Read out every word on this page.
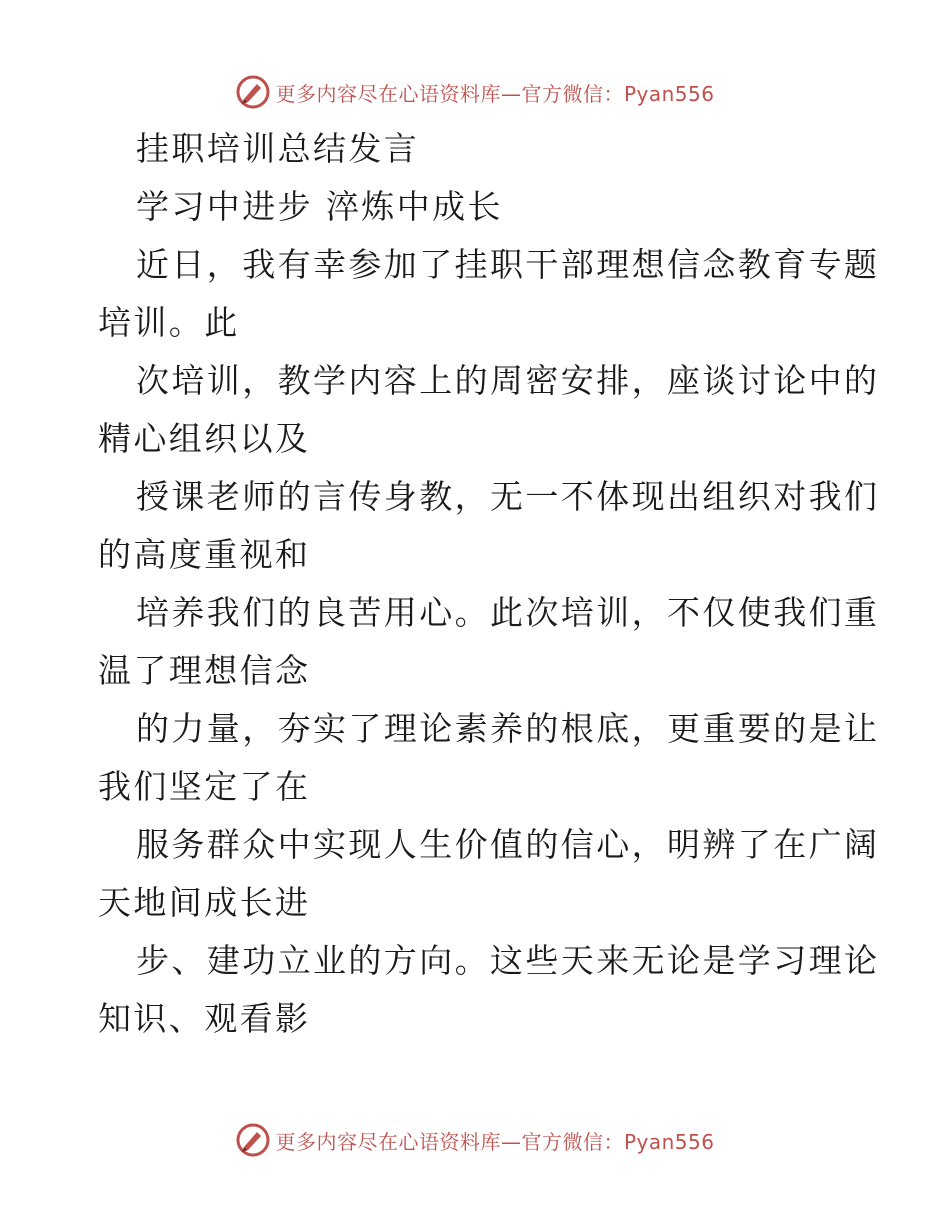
更多内容尽在心语资料库—官方微信：Pyan556
挂职培训总结发言
学习中进步 淬炼中成长
近日，我有幸参加了挂职干部理想信念教育专题
培训。此
次培训，教学内容上的周密安排，座谈讨论中的
精心组织以及
授课老师的言传身教，无一不体现出组织对我们
的高度重视和
培养我们的良苦用心。此次培训，不仅使我们重
温了理想信念
的力量，夯实了理论素养的根底，更重要的是让
我们坚定了在
服务群众中实现人生价值的信心，明辨了在广阔
天地间成长进
步、建功立业的方向。这些天来无论是学习理论
知识、观看影
更多内容尽在心语资料库—官方微信：Pyan556
